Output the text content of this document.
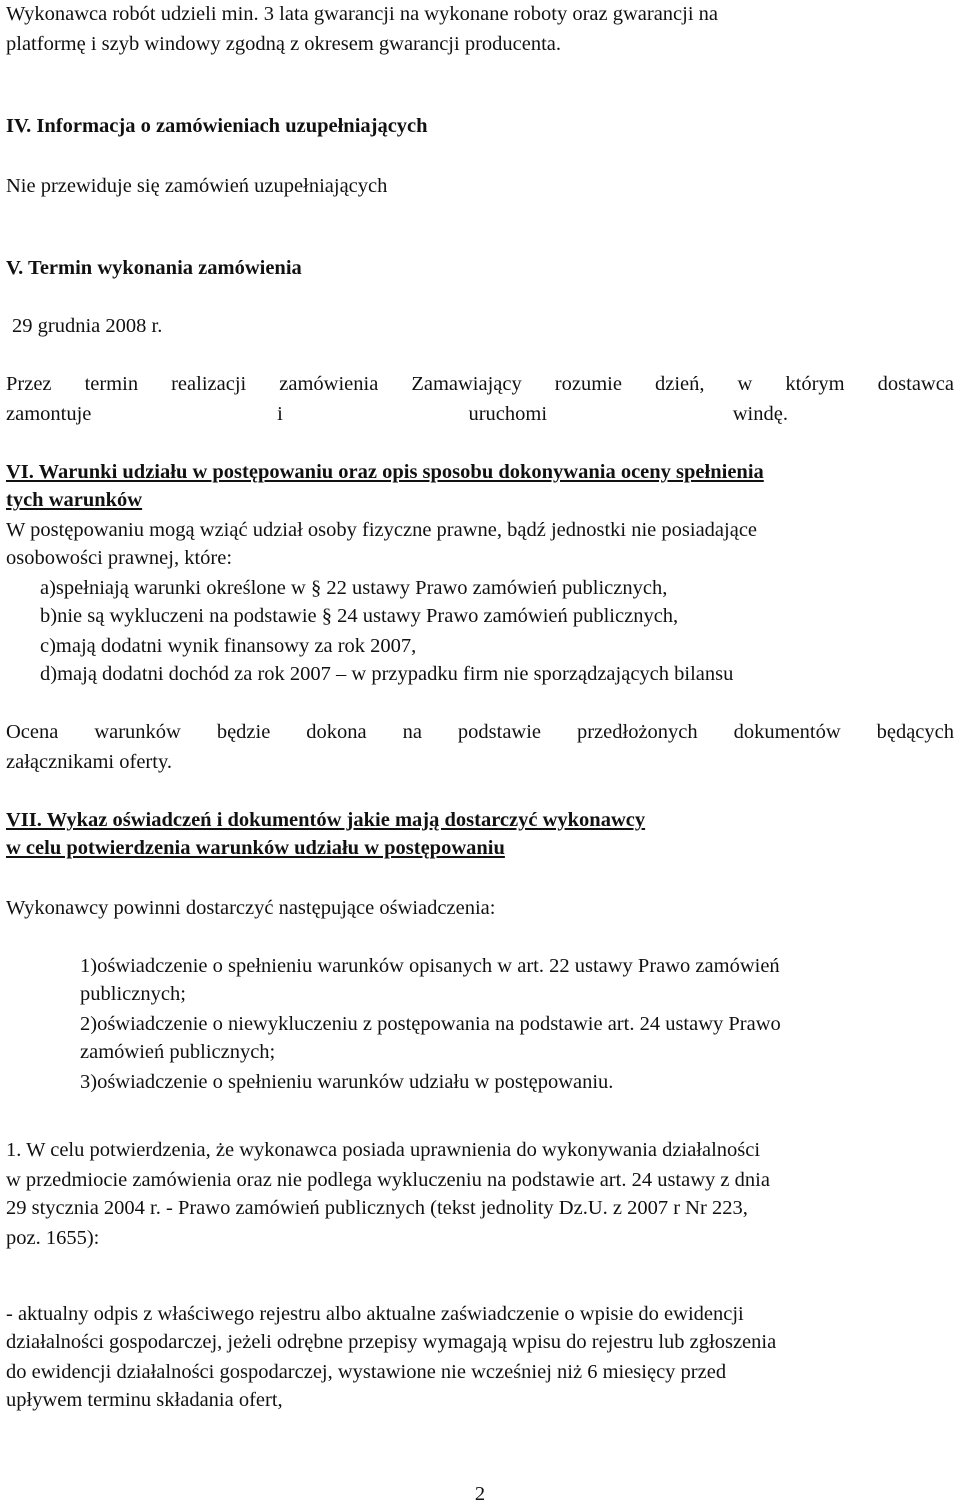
Wykonawca robót udzieli min. 3 lata gwarancji na wykonane roboty oraz gwarancji na
platformę i szyb windowy zgodną z okresem gwarancji producenta.
IV. Informacja o zamówieniach uzupełniających
Nie przewiduje się zamówień uzupełniających
V. Termin wykonania zamówienia
29 grudnia 2008 r.
Przez termin realizacji zamówienia Zamawiający rozumie dzień, w którym dostawca
zamontuje	i	uruchomi	windę.
VI. Warunki udziału w postępowaniu oraz opis sposobu dokonywania oceny spełnienia
tych warunków
W postępowaniu mogą wziąć udział osoby fizyczne prawne, bądź jednostki nie posiadające
osobowości prawnej, które:
a)spełniają warunki określone w § 22 ustawy Prawo zamówień publicznych,
b)nie są wykluczeni na podstawie § 24 ustawy Prawo zamówień publicznych,
c)mają dodatni wynik finansowy za rok 2007,
d)mają dodatni dochód za rok 2007 – w przypadku firm nie sporządzających bilansu
Ocena warunków będzie dokona na podstawie przedłożonych dokumentów będących
załącznikami oferty.
VII. Wykaz oświadczeń i dokumentów jakie mają dostarczyć wykonawcy
w celu potwierdzenia warunków udziału w postępowaniu
Wykonawcy powinni dostarczyć następujące oświadczenia:
1)oświadczenie o spełnieniu warunków opisanych w art. 22 ustawy Prawo zamówień
publicznych;
2)oświadczenie o niewykluczeniu z postępowania na podstawie art. 24 ustawy Prawo
zamówień publicznych;
3)oświadczenie o spełnieniu warunków udziału w postępowaniu.
1. W celu potwierdzenia, że wykonawca posiada uprawnienia do wykonywania działalności
w przedmiocie zamówienia oraz nie podlega wykluczeniu na podstawie art. 24 ustawy z dnia
29 stycznia 2004 r. - Prawo zamówień publicznych (tekst jednolity Dz.U. z 2007 r Nr 223,
poz. 1655):
- aktualny odpis z właściwego rejestru albo aktualne zaświadczenie o wpisie do ewidencji
działalności gospodarczej, jeżeli odrębne przepisy wymagają wpisu do rejestru lub zgłoszenia
do ewidencji działalności gospodarczej, wystawione nie wcześniej niż 6 miesięcy przed
upływem terminu składania ofert,
2
